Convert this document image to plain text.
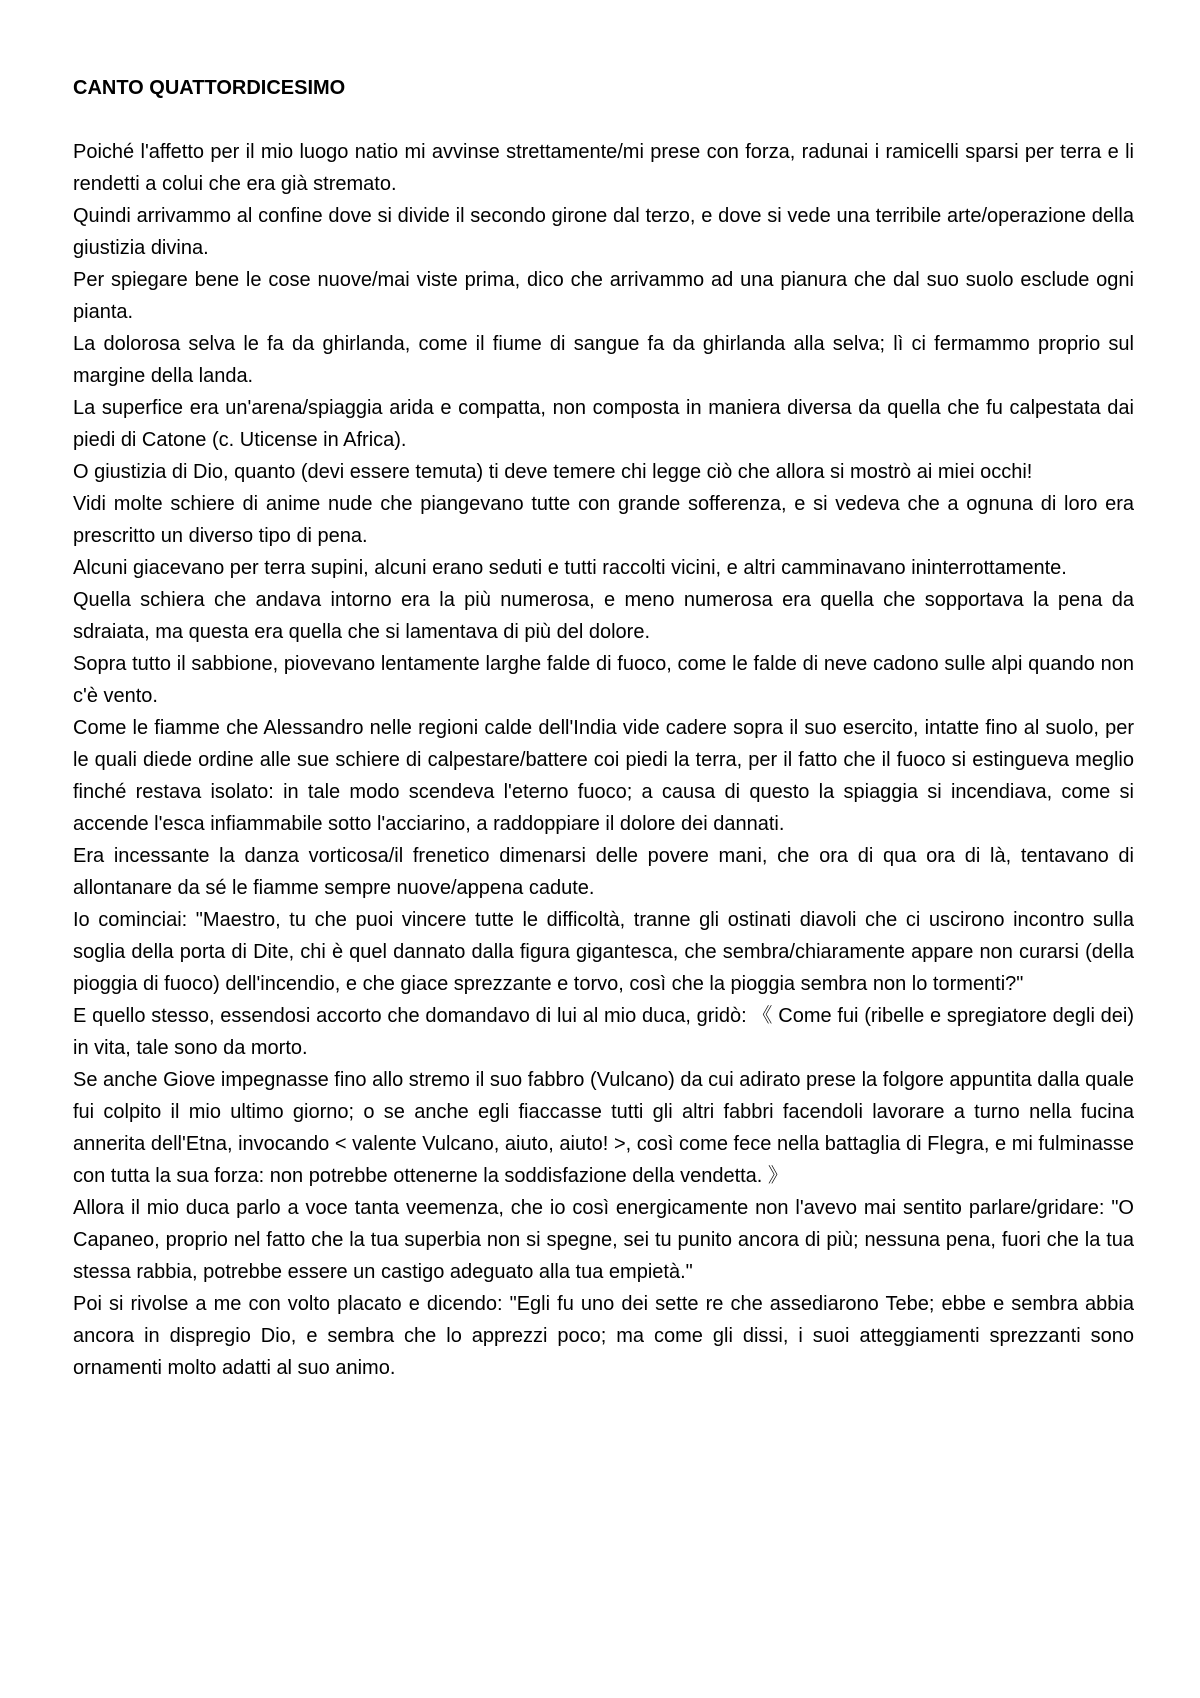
CANTO QUATTORDICESIMO

Poiché l'affetto per il mio luogo natio mi avvinse strettamente/mi prese con forza, radunai i ramicelli sparsi per terra e li rendetti a colui che era già stremato.

Quindi arrivammo al confine dove si divide il secondo girone dal terzo, e dove si vede una terribile arte/operazione della giustizia divina.

Per spiegare bene le cose nuove/mai viste prima, dico che arrivammo ad una pianura che dal suo suolo esclude ogni pianta.

La dolorosa selva le fa da ghirlanda, come il fiume di sangue fa da ghirlanda alla selva; lì ci fermammo proprio sul margine della landa.

La superfice era un'arena/spiaggia arida e compatta, non composta in maniera diversa da quella che fu calpestata dai piedi di Catone (c. Uticense in Africa).

O giustizia di Dio, quanto (devi essere temuta) ti deve temere chi legge ciò che allora si mostrò ai miei occhi!

Vidi molte schiere di anime nude che piangevano tutte con grande sofferenza, e si vedeva che a ognuna di loro era prescritto un diverso tipo di pena.

Alcuni giacevano per terra supini, alcuni erano seduti e tutti raccolti vicini, e altri camminavano ininterrottamente.

Quella schiera che andava intorno era la più numerosa, e meno numerosa era quella che sopportava la pena da sdraiata, ma questa era quella che si lamentava di più del dolore.

Sopra tutto il sabbione, piovevano lentamente larghe falde di fuoco, come le falde di neve cadono sulle alpi quando non c'è vento.

Come le fiamme che Alessandro nelle regioni calde dell'India vide cadere sopra il suo esercito, intatte fino al suolo, per le quali diede ordine alle sue schiere di calpestare/battere coi piedi la terra, per il fatto che il fuoco si estingueva meglio finché restava isolato: in tale modo scendeva l'eterno fuoco; a causa di questo la spiaggia si incendiava, come si accende l'esca infiammabile sotto l'acciarino, a raddoppiare il dolore dei dannati.

Era incessante la danza vorticosa/il frenetico dimenarsi delle povere mani, che ora di qua ora di là, tentavano di allontanare da sé le fiamme sempre nuove/appena cadute.

Io cominciai: "Maestro, tu che puoi vincere tutte le difficoltà, tranne gli ostinati diavoli che ci uscirono incontro sulla soglia della porta di Dite, chi è quel dannato dalla figura gigantesca, che sembra/chiaramente appare non curarsi (della pioggia di fuoco) dell'incendio, e che giace sprezzante e torvo, così che la pioggia sembra non lo tormenti?"

E quello stesso, essendosi accorto che domandavo di lui al mio duca, gridò: 《 Come fui (ribelle e spregiatore degli dei) in vita, tale sono da morto.

Se anche Giove impegnasse fino allo stremo il suo fabbro (Vulcano) da cui adirato prese la folgore appuntita dalla quale fui colpito il mio ultimo giorno; o se anche egli fiaccasse tutti gli altri fabbri facendoli lavorare a turno nella fucina annerita dell'Etna, invocando < valente Vulcano, aiuto, aiuto! >, così come fece nella battaglia di Flegra, e mi fulminasse con tutta la sua forza: non potrebbe ottenerne la soddisfazione della vendetta. 》

Allora il mio duca parlo a voce tanta veemenza, che io così energicamente non l'avevo mai sentito parlare/gridare: "O Capaneo, proprio nel fatto che la tua superbia non si spegne, sei tu punito ancora di più; nessuna pena, fuori che la tua stessa rabbia, potrebbe essere un castigo adeguato alla tua empietà."

Poi si rivolse a me con volto placato e dicendo: "Egli fu uno dei sette re che assediarono Tebe; ebbe e sembra abbia ancora in dispregio Dio, e sembra che lo apprezzi poco; ma come gli dissi, i suoi atteggiamenti sprezzanti sono ornamenti molto adatti al suo animo.
